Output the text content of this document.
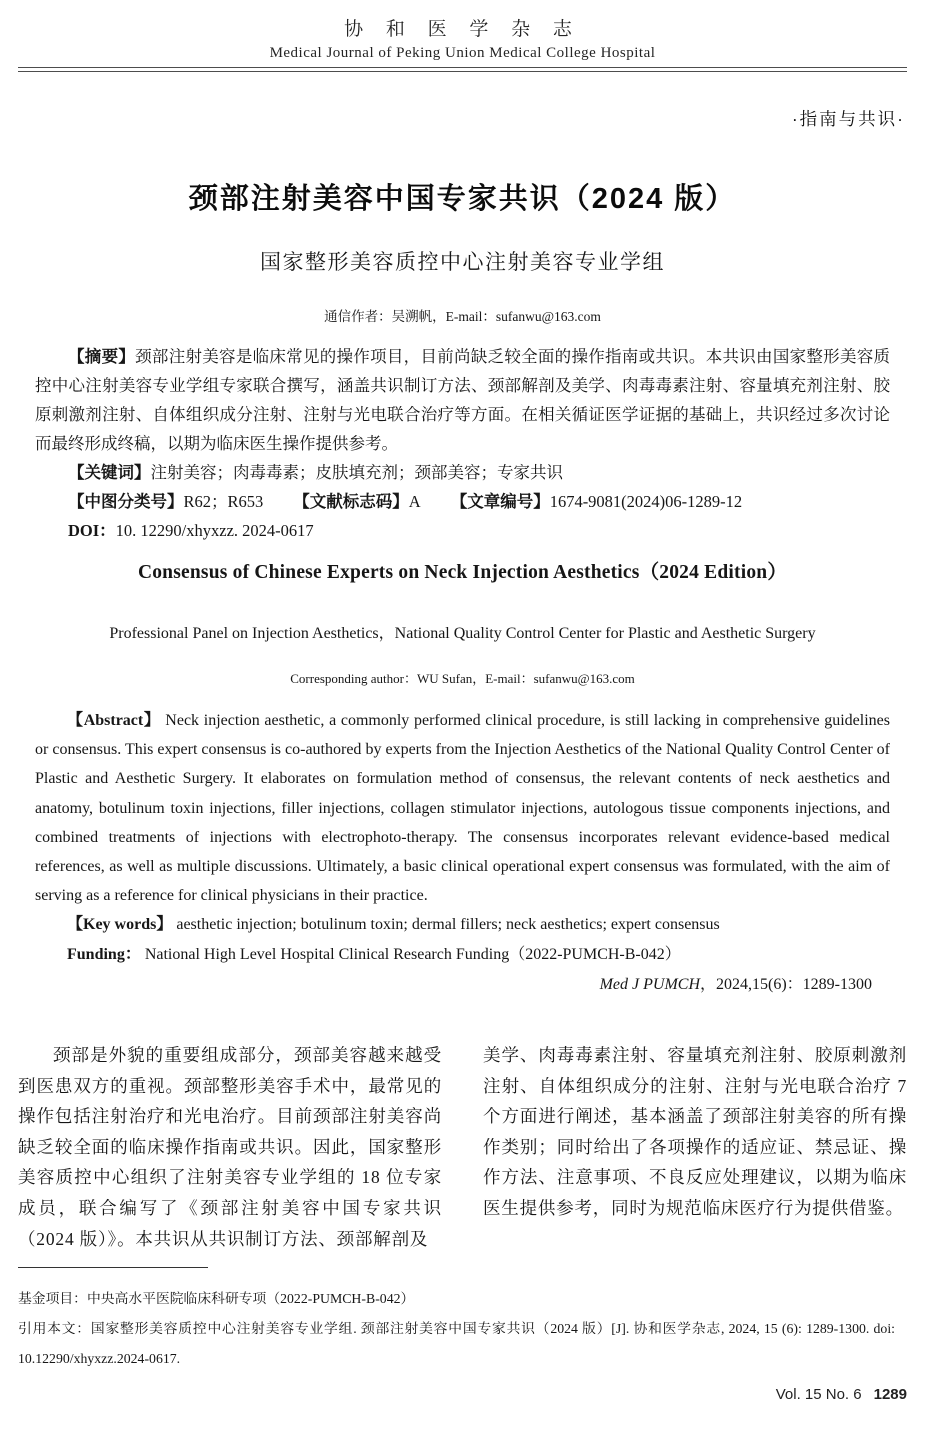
协 和 医 学 杂 志
Medical Journal of Peking Union Medical College Hospital
·指南与共识·
颈部注射美容中国专家共识（2024 版）
国家整形美容质控中心注射美容专业学组
通信作者：吴溯帆，E-mail：sufanwu@163.com

【摘要】颈部注射美容是临床常见的操作项目，目前尚缺乏较全面的操作指南或共识。本共识由国家整形美容质控中心注射美容专业学组专家联合撰写，涵盖共识制订方法、颈部解剖及美学、肉毒毒素注射、容量填充剂注射、胶原刺激剂注射、自体组织成分注射、注射与光电联合治疗等方面。在相关循证医学证据的基础上，共识经过多次讨论而最终形成终稿，以期为临床医生操作提供参考。

【关键词】注射美容；肉毒毒素；皮肤填充剂；颈部美容；专家共识

【中图分类号】R62；R653 【文献标志码】A 【文章编号】1674-9081(2024)06-1289-12

DOI：10. 12290/xhyxzz. 2024-0617

Consensus of Chinese Experts on Neck Injection Aesthetics（2024 Edition）
Professional Panel on Injection Aesthetics，National Quality Control Center for Plastic and Aesthetic Surgery
Corresponding author：WU Sufan，E-mail：sufanwu@163.com

【Abstract】 Neck injection aesthetic, a commonly performed clinical procedure, is still lacking in comprehensive guidelines or consensus. This expert consensus is co-authored by experts from the Injection Aesthetics of the National Quality Control Center of Plastic and Aesthetic Surgery. It elaborates on formulation method of consensus, the relevant contents of neck aesthetics and anatomy, botulinum toxin injections, filler injections, collagen stimulator injections, autologous tissue components injections, and combined treatments of injections with electrophoto-therapy. The consensus incorporates relevant evidence-based medical references, as well as multiple discussions. Ultimately, a basic clinical operational expert consensus was formulated, with the aim of serving as a reference for clinical physicians in their practice.

【Key words】 aesthetic injection; botulinum toxin; dermal fillers; neck aesthetics; expert consensus

Funding： National High Level Hospital Clinical Research Funding（2022-PUMCH-B-042）

Med J PUMCH，2024,15(6)：1289-1300

颈部是外貌的重要组成部分，颈部美容越来越受到医患双方的重视。颈部整形美容手术中，最常见的操作包括注射治疗和光电治疗。目前颈部注射美容尚缺乏较全面的临床操作指南或共识。因此，国家整形美容质控中心组织了注射美容专业学组的 18 位专家成员，联合编写了《颈部注射美容中国专家共识（2024 版）》。本共识从共识制订方法、颈部解剖及

美学、肉毒毒素注射、容量填充剂注射、胶原刺激剂注射、自体组织成分的注射、注射与光电联合治疗 7 个方面进行阐述，基本涵盖了颈部注射美容的所有操作类别；同时给出了各项操作的适应证、禁忌证、操作方法、注意事项、不良反应处理建议，以期为临床医生提供参考，同时为规范临床医疗行为提供借鉴。

基金项目：中央高水平医院临床科研专项（2022-PUMCH-B-042）

引用本文：国家整形美容质控中心注射美容专业学组. 颈部注射美容中国专家共识（2024 版）[J]. 协和医学杂志, 2024, 15 (6): 1289-1300. doi: 10.12290/xhyxzz.2024-0617.

Vol. 15 No. 6 1289
